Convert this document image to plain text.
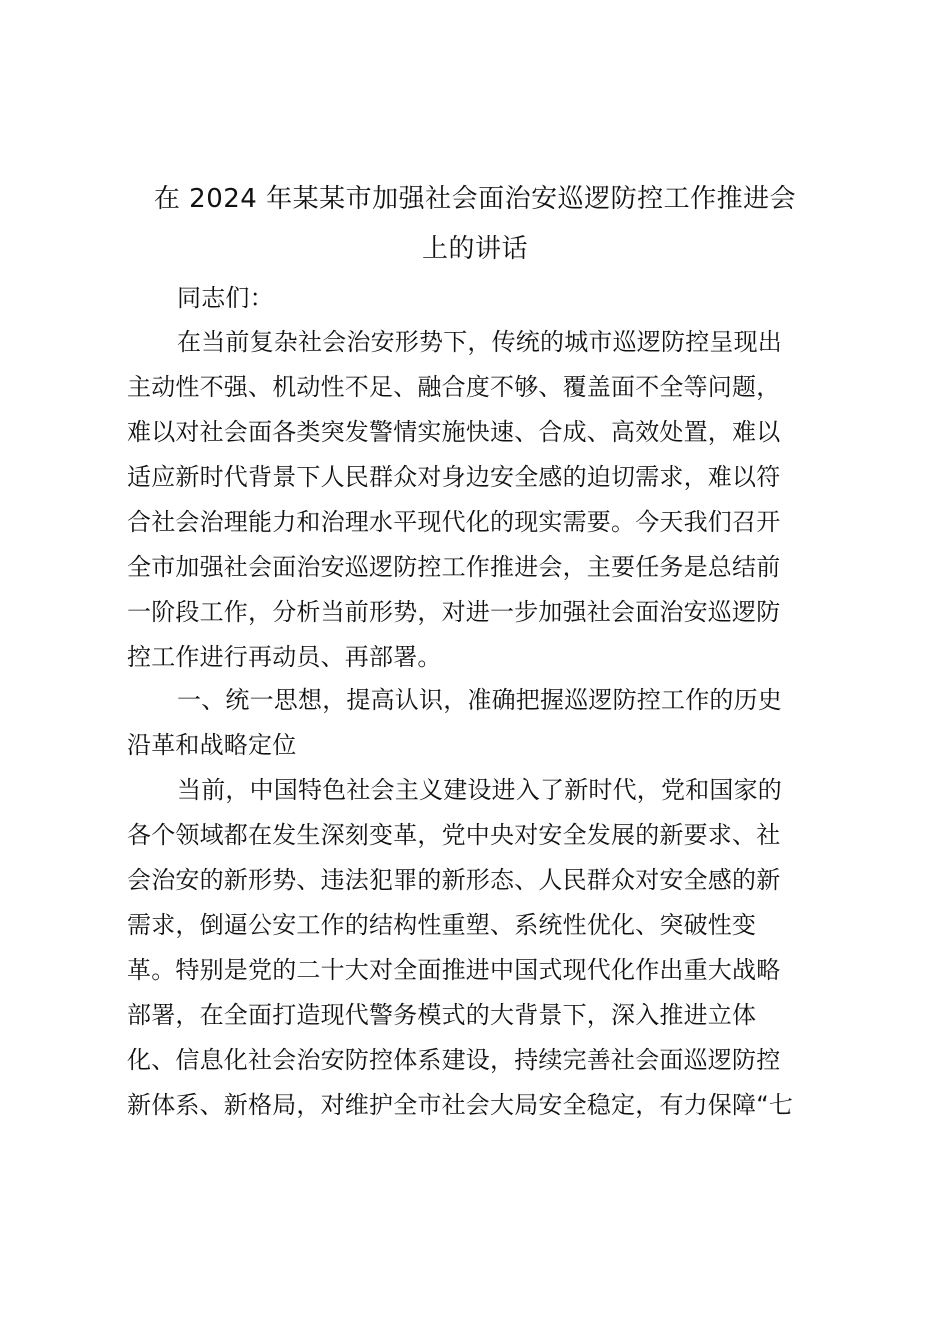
在 2024 年某某市加强社会面治安巡逻防控工作推进会
上的讲话
同志们：
在当前复杂社会治安形势下，传统的城市巡逻防控呈现出
主动性不强、机动性不足、融合度不够、覆盖面不全等问题，
难以对社会面各类突发警情实施快速、合成、高效处置，难以
适应新时代背景下人民群众对身边安全感的迫切需求，难以符
合社会治理能力和治理水平现代化的现实需要。今天我们召开
全市加强社会面治安巡逻防控工作推进会，主要任务是总结前
一阶段工作，分析当前形势，对进一步加强社会面治安巡逻防
控工作进行再动员、再部署。
一、统一思想，提高认识，准确把握巡逻防控工作的历史
沿革和战略定位
当前，中国特色社会主义建设进入了新时代，党和国家的
各个领域都在发生深刻变革，党中央对安全发展的新要求、社
会治安的新形势、违法犯罪的新形态、人民群众对安全感的新
需求，倒逼公安工作的结构性重塑、系统性优化、突破性变
革。特别是党的二十大对全面推进中国式现代化作出重大战略
部署，在全面打造现代警务模式的大背景下，深入推进立体
化、信息化社会治安防控体系建设，持续完善社会面巡逻防控
新体系、新格局，对维护全市社会大局安全稳定，有力保障“七
